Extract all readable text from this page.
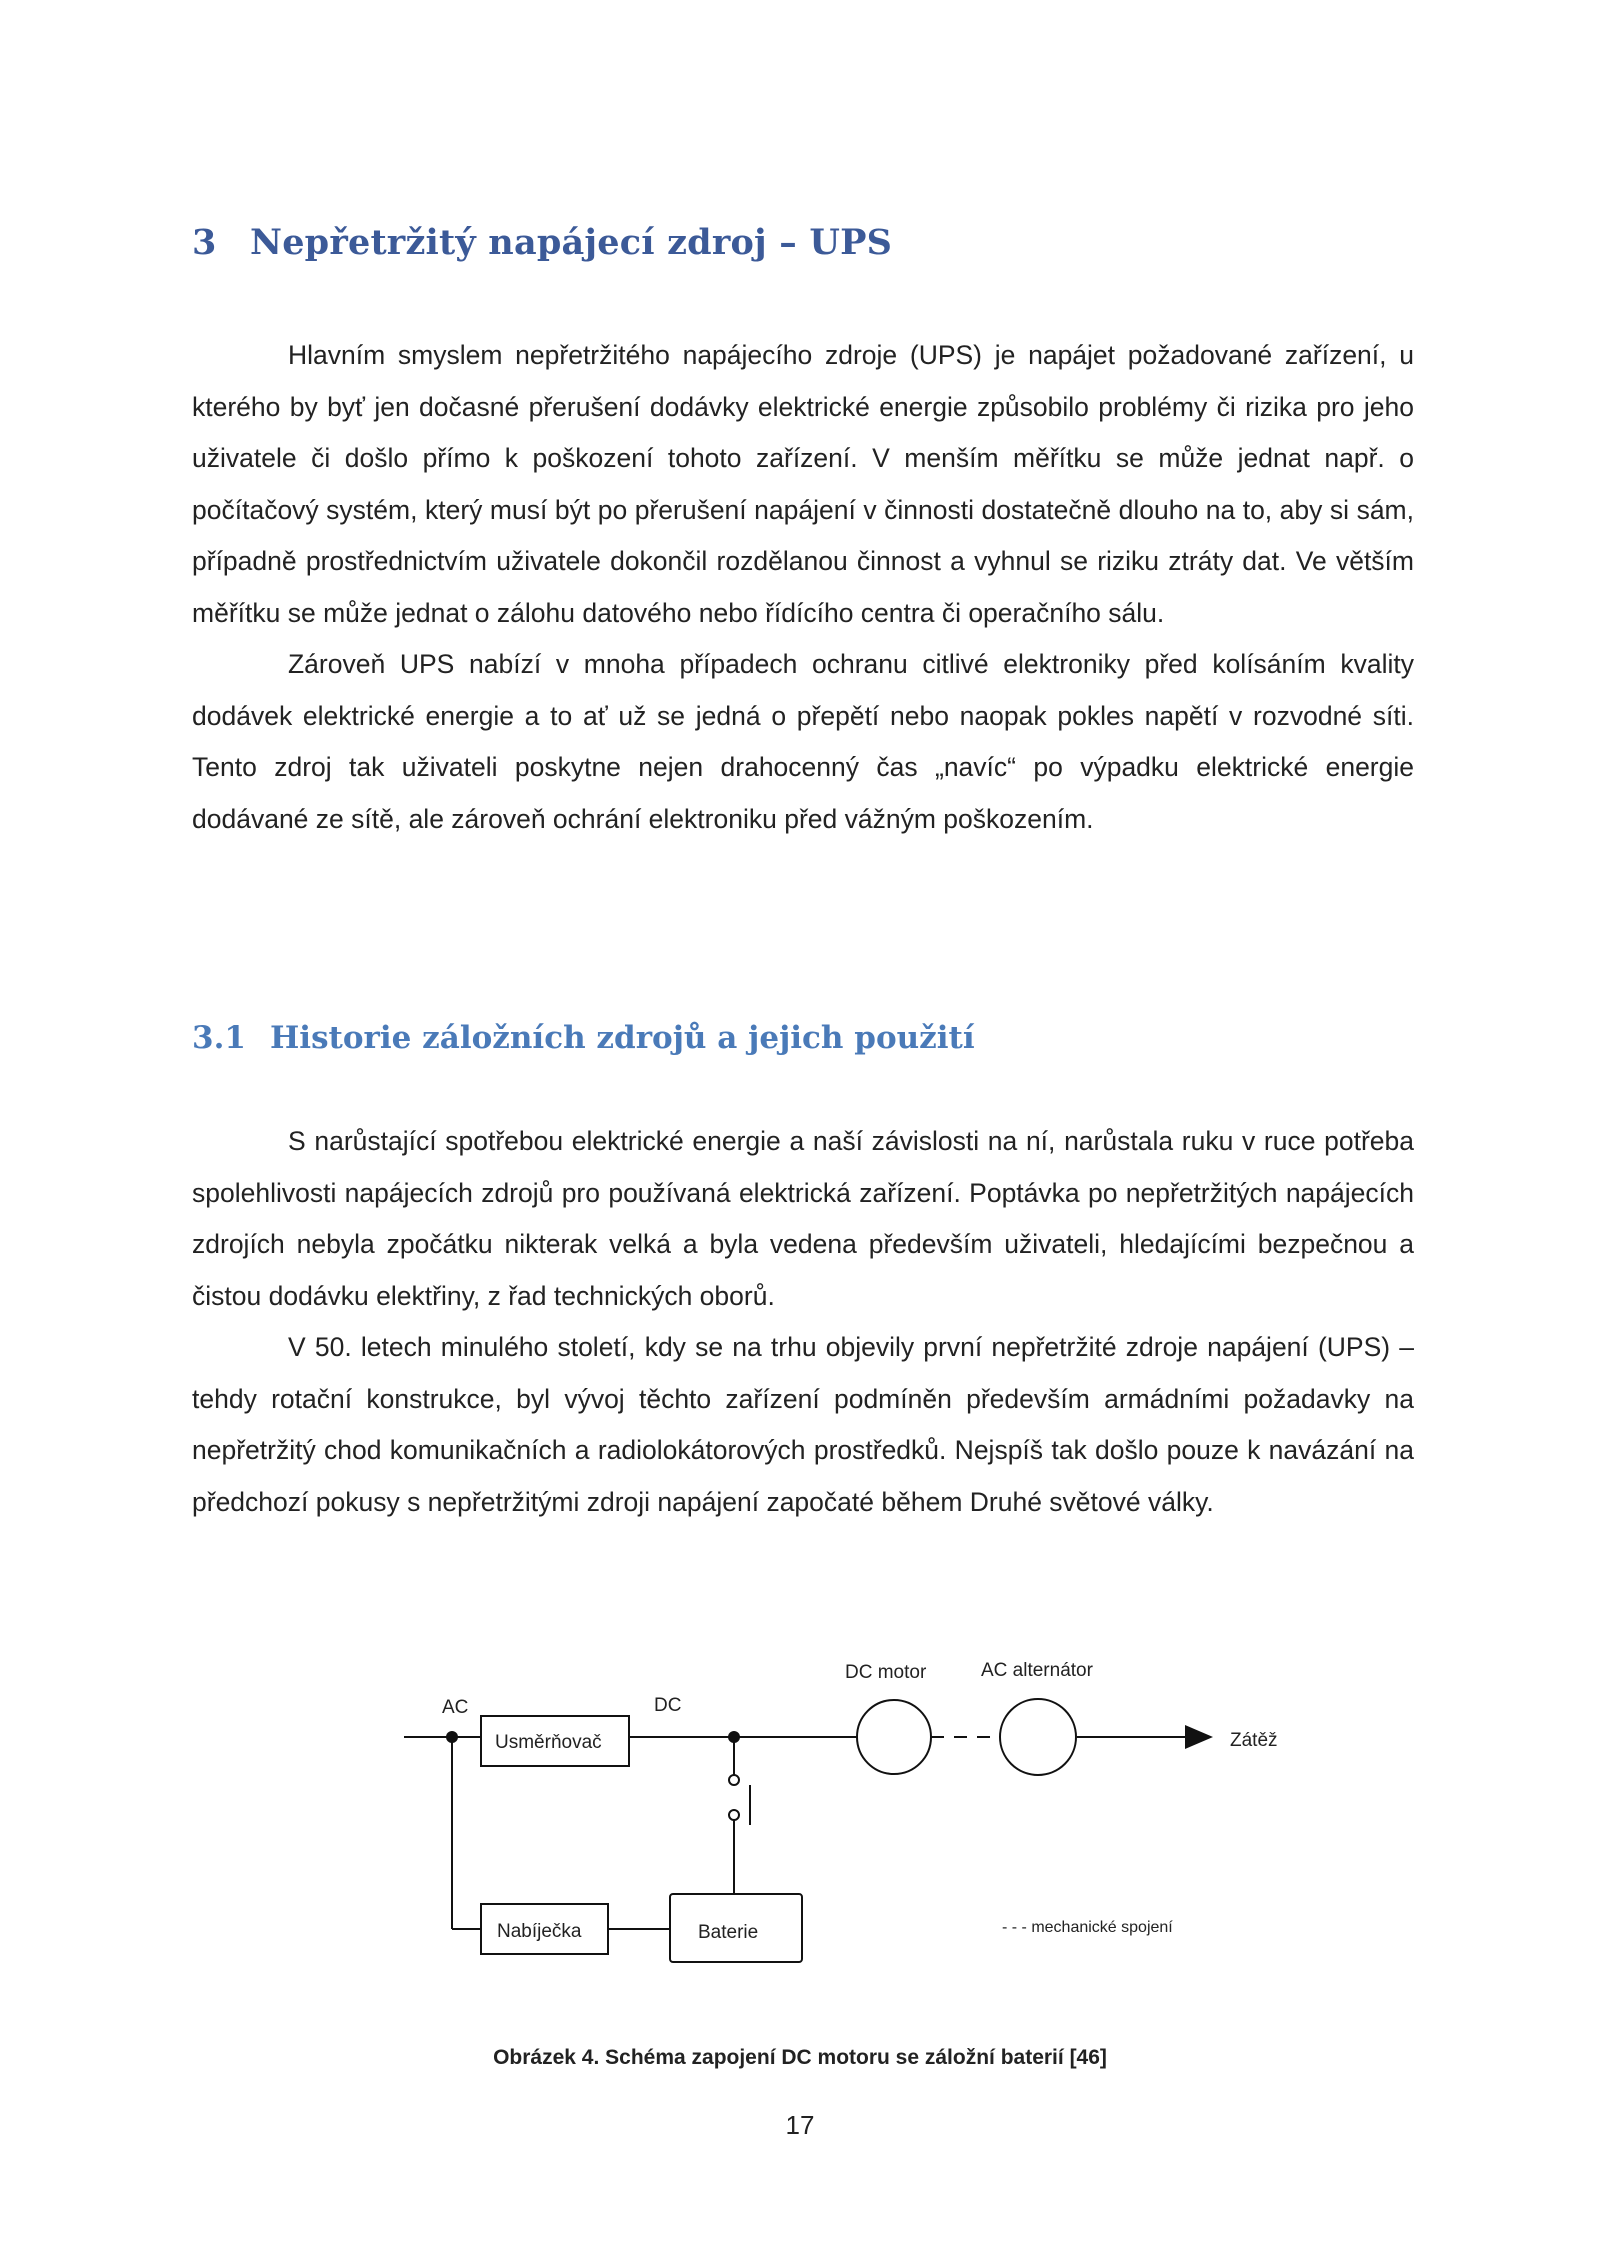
3 Nepřetržitý napájecí zdroj – UPS

Hlavním smyslem nepřetržitého napájecího zdroje (UPS) je napájet požadované zařízení, u kterého by byť jen dočasné přerušení dodávky elektrické energie způsobilo problémy či rizika pro jeho uživatele či došlo přímo k poškození tohoto zařízení. V menším měřítku se může jednat např. o počítačový systém, který musí být po přerušení napájení v činnosti dostatečně dlouho na to, aby si sám, případně prostřednictvím uživatele dokončil rozdělanou činnost a vyhnul se riziku ztráty dat. Ve větším měřítku se může jednat o zálohu datového nebo řídícího centra či operačního sálu.

Zároveň UPS nabízí v mnoha případech ochranu citlivé elektroniky před kolísáním kvality dodávek elektrické energie a to ať už se jedná o přepětí nebo naopak pokles napětí v rozvodné síti. Tento zdroj tak uživateli poskytne nejen drahocenný čas „navíc“ po výpadku elektrické energie dodávané ze sítě, ale zároveň ochrání elektroniku před vážným poškozením.

3.1 Historie záložních zdrojů a jejich použití

S narůstající spotřebou elektrické energie a naší závislosti na ní, narůstala ruku v ruce potřeba spolehlivosti napájecích zdrojů pro používaná elektrická zařízení. Poptávka po nepřetržitých napájecích zdrojích nebyla zpočátku nikterak velká a byla vedena především uživateli, hledajícími bezpečnou a čistou dodávku elektřiny, z řad technických oborů.

V 50. letech minulého století, kdy se na trhu objevily první nepřetržité zdroje napájení (UPS) – tehdy rotační konstrukce, byl vývoj těchto zařízení podmíněn především armádními požadavky na nepřetržitý chod komunikačních a radiolokátorových prostředků. Nejspíš tak došlo pouze k navázání na předchozí pokusy s nepřetržitými zdroji napájení započaté během Druhé světové války.

AC	DC
Usměrňovač
DC motor	AC alternátor
Zátěž
Nabíječka	Baterie	- - - mechanické spojení
Obrázek 4. Schéma zapojení DC motoru se záložní baterií [46]
17
